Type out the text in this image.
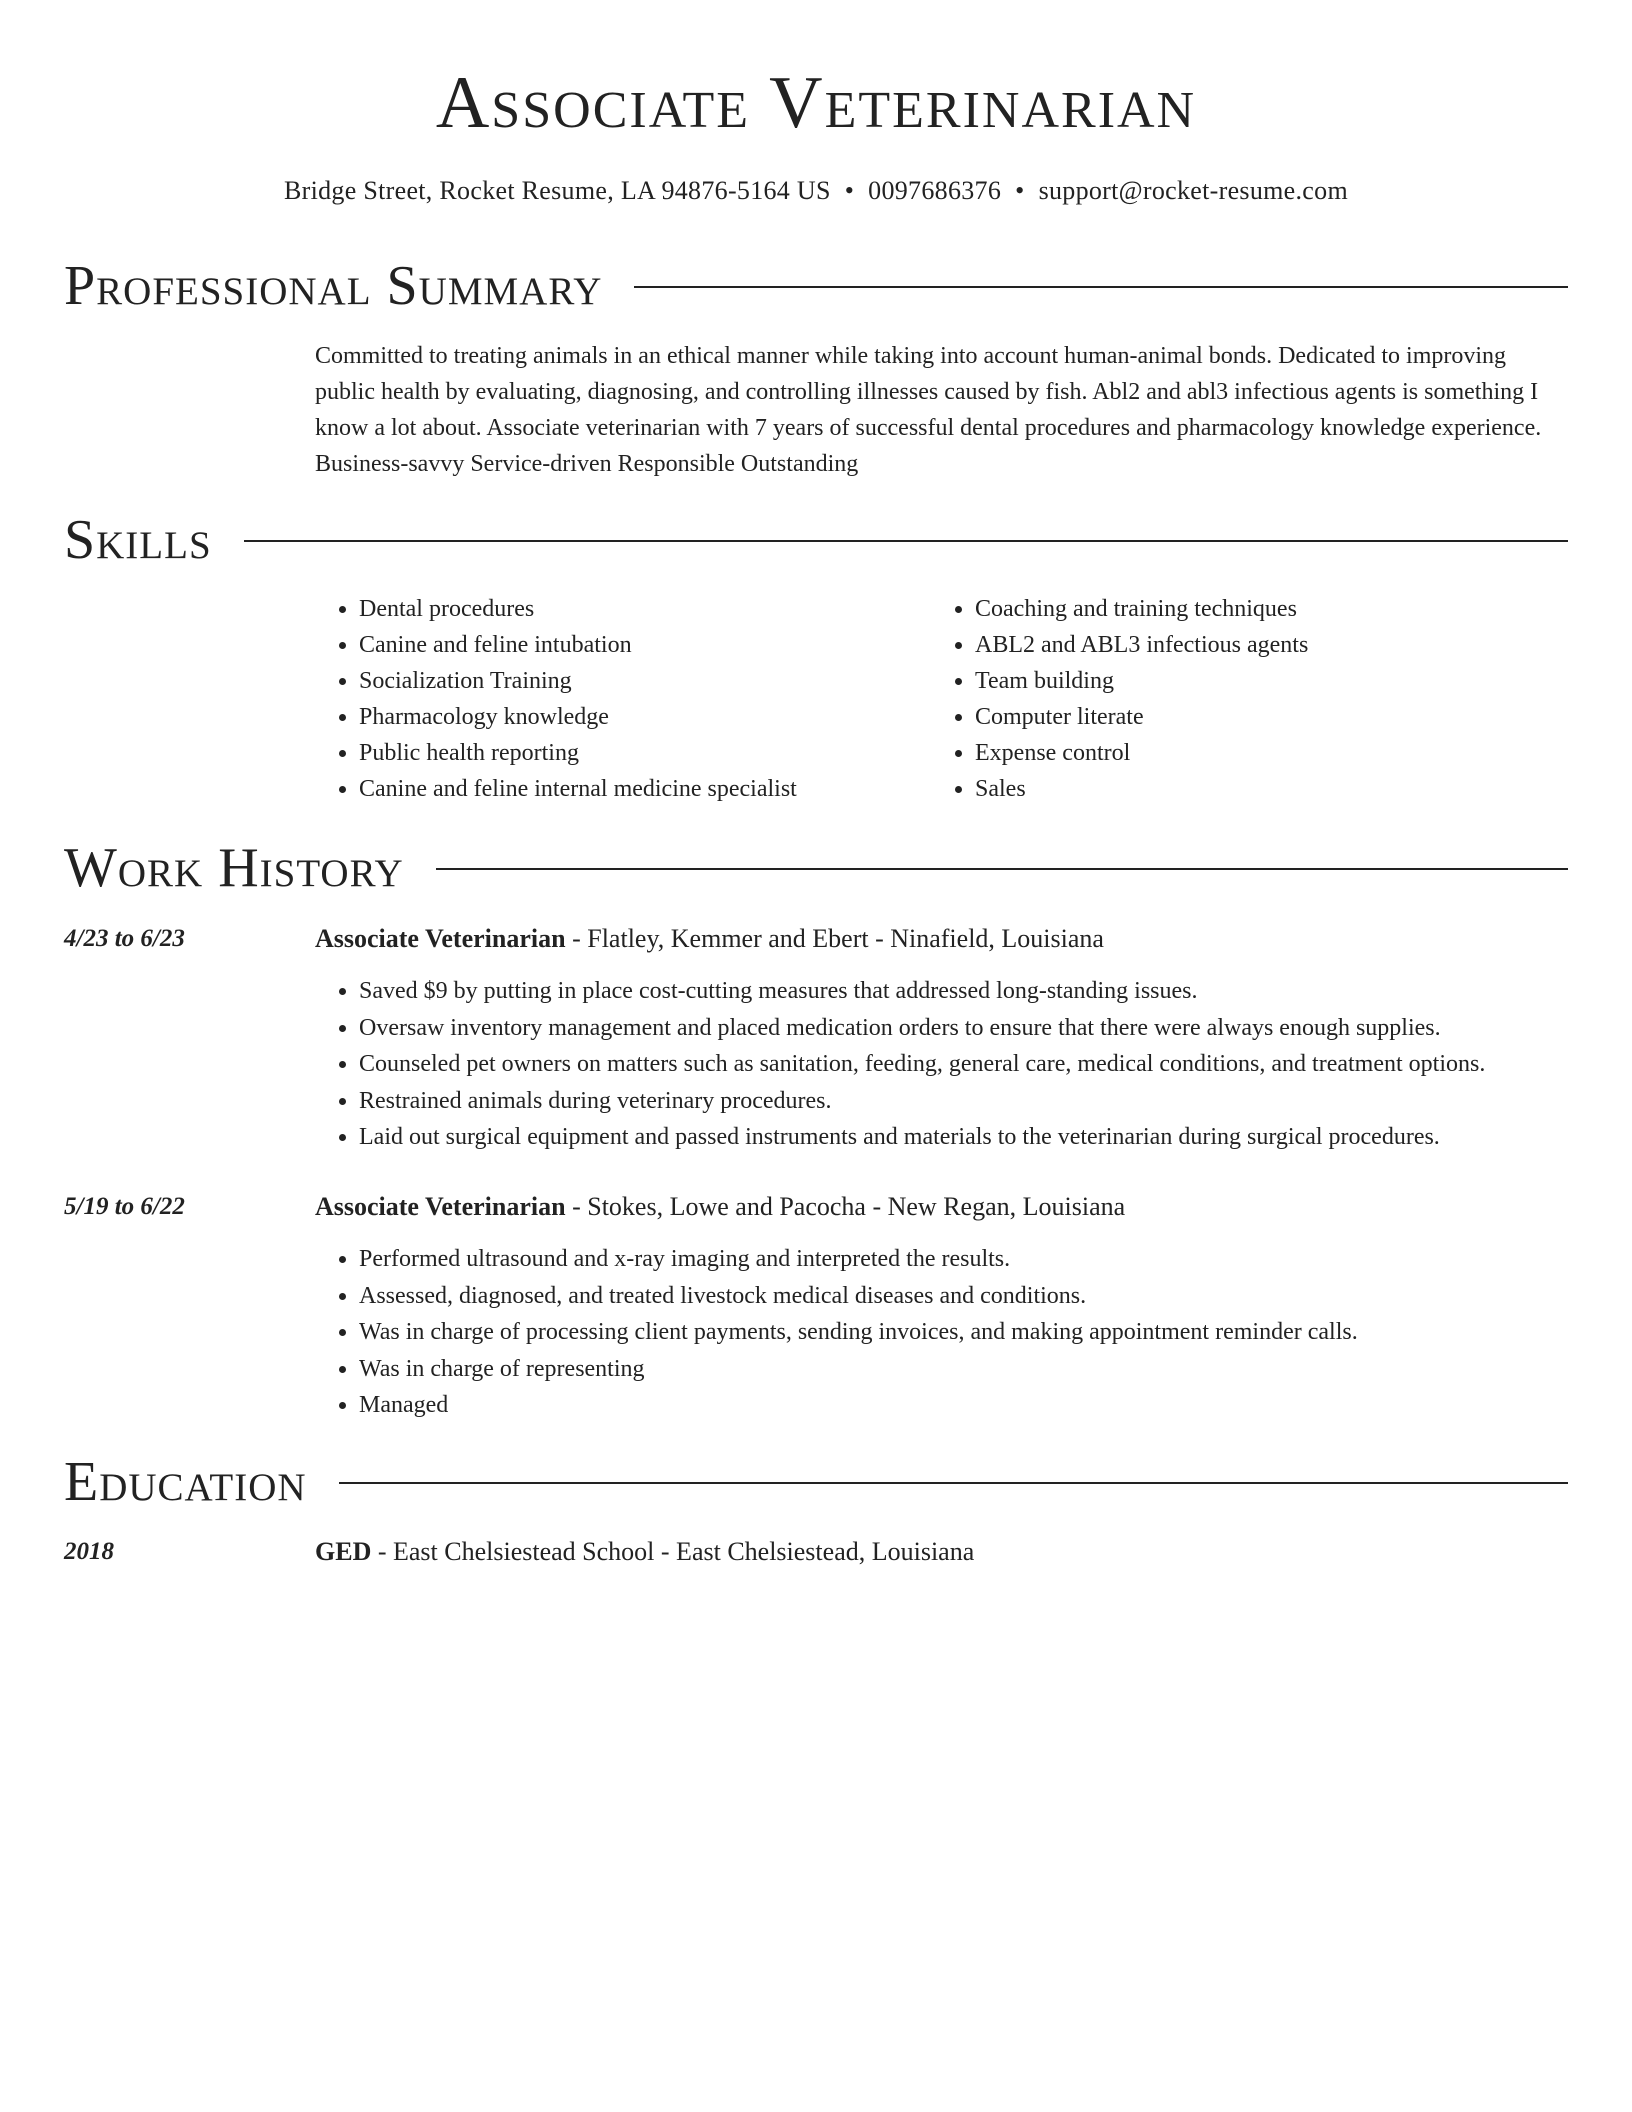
Associate Veterinarian
Bridge Street, Rocket Resume, LA 94876-5164 US • 0097686376 • support@rocket-resume.com
Professional Summary
Committed to treating animals in an ethical manner while taking into account human-animal bonds. Dedicated to improving public health by evaluating, diagnosing, and controlling illnesses caused by fish. Abl2 and abl3 infectious agents is something I know a lot about. Associate veterinarian with 7 years of successful dental procedures and pharmacology knowledge experience. Business-savvy Service-driven Responsible Outstanding
Skills
• Dental procedures
• Canine and feline intubation
• Socialization Training
• Pharmacology knowledge
• Public health reporting
• Canine and feline internal medicine specialist
• Coaching and training techniques
• ABL2 and ABL3 infectious agents
• Team building
• Computer literate
• Expense control
• Sales
Work History
4/23 to 6/23	Associate Veterinarian - Flatley, Kemmer and Ebert - Ninafield, Louisiana
• Saved $9 by putting in place cost-cutting measures that addressed long-standing issues.
• Oversaw inventory management and placed medication orders to ensure that there were always enough supplies.
• Counseled pet owners on matters such as sanitation, feeding, general care, medical conditions, and treatment options.
• Restrained animals during veterinary procedures.
• Laid out surgical equipment and passed instruments and materials to the veterinarian during surgical procedures.
5/19 to 6/22	Associate Veterinarian - Stokes, Lowe and Pacocha - New Regan, Louisiana
• Performed ultrasound and x-ray imaging and interpreted the results.
• Assessed, diagnosed, and treated livestock medical diseases and conditions.
• Was in charge of processing client payments, sending invoices, and making appointment reminder calls.
• Was in charge of representing
• Managed
Education
2018	GED - East Chelsiestead School - East Chelsiestead, Louisiana
